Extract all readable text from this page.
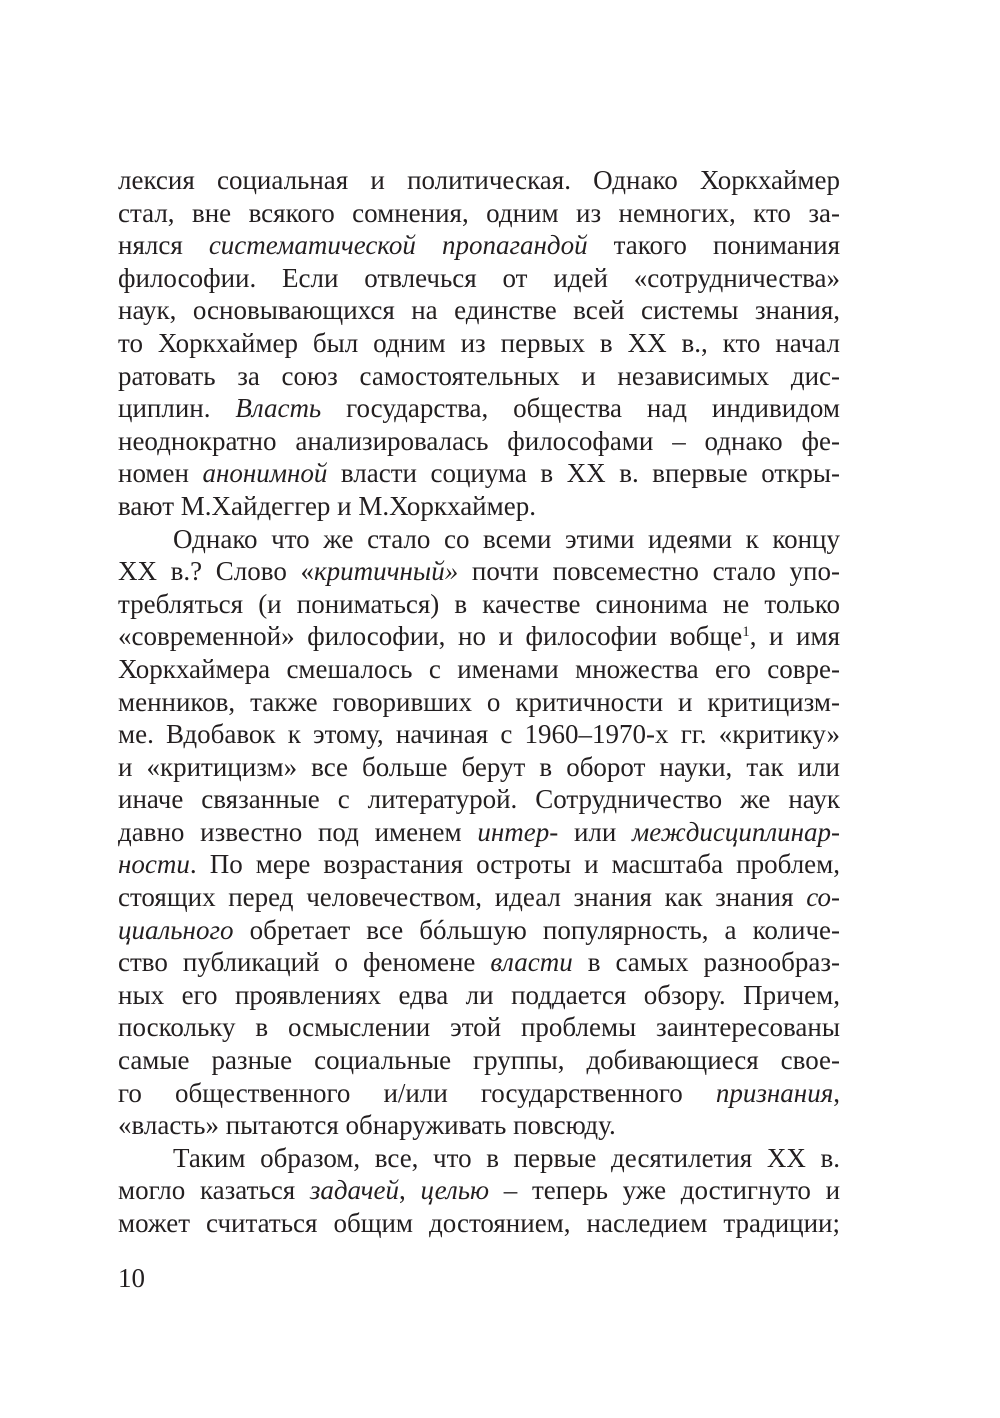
лексия социальная и политическая. Однако Хоркхаймер
стал, вне всякого сомнения, одним из немногих, кто за-
нялся систематической пропагандой такого понимания
философии. Если отвлечься от идей «сотрудничества»
наук, основывающихся на единстве всей системы знания,
то Хоркхаймер был одним из первых в XX в., кто начал
ратовать за союз самостоятельных и независимых дис-
циплин. Власть государства, общества над индивидом
неоднократно анализировалась философами – однако фе-
номен анонимной власти социума в XX в. впервые откры-
вают М.Хайдеггер и М.Хоркхаймер.
Однако что же стало со всеми этими идеями к концу
XX в.? Слово «критичный» почти повсеместно стало упо-
требляться (и пониматься) в качестве синонима не только
«современной» философии, но и философии вобще$^1$, и имя
Хоркхаймера смешалось с именами множества его совре-
менников, также говоривших о критичности и критицизм-
ме. Вдобавок к этому, начиная с 1960–1970-х гг. «критику»
и «критицизм» все больше берут в оборот науки, так или
иначе связанные с литературой. Сотрудничество же наук
давно известно под именем интер- или междисциплинар-
ности. По мере возрастания остроты и масштаба проблем,
стоящих перед человечеством, идеал знания как знания со-
циального обретает все бóльшую популярность, а количе-
ство публикаций о феномене власти в самых разнообраз-
ных его проявлениях едва ли поддается обзору. Причем,
поскольку в осмыслении этой проблемы заинтересованы
самые разные социальные группы, добивающиеся свое-
го общественного и/или государственного признания,
«власть» пытаются обнаруживать повсюду.
Таким образом, все, что в первые десятилетия XX в.
могло казаться задачей, целью – теперь уже достигнуто и
может считаться общим достоянием, наследием традиции;
10
